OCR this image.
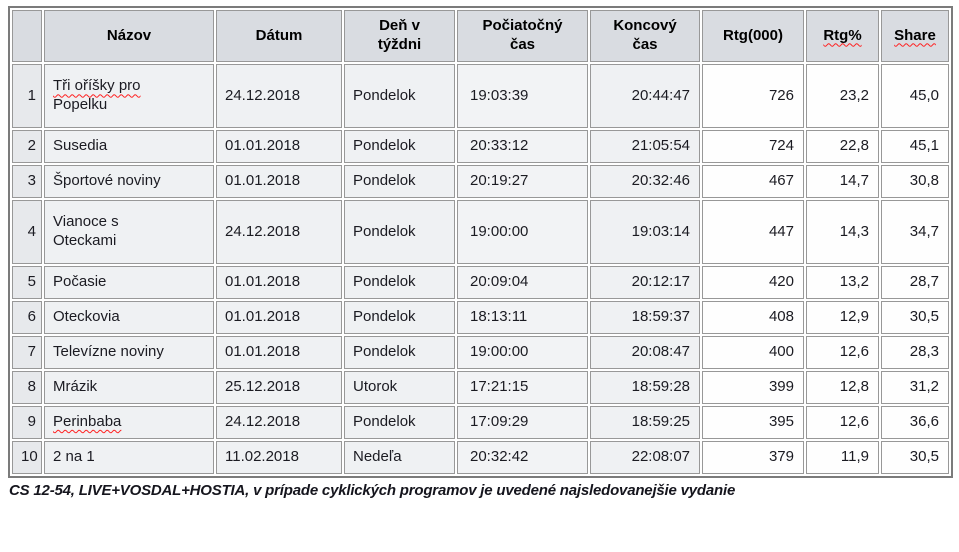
	Názov	Dátum	Deň v
týždni	Počiatočný
čas	Koncový
čas	Rtg(000)	Rtg%	Share
1	Tři oříšky pro
Popelku	24.12.2018	Pondelok	19:03:39	20:44:47	726	23,2	45,0
2	Susedia	01.01.2018	Pondelok	20:33:12	21:05:54	724	22,8	45,1
3	Športové noviny	01.01.2018	Pondelok	20:19:27	20:32:46	467	14,7	30,8
4	Vianoce s
Oteckami	24.12.2018	Pondelok	19:00:00	19:03:14	447	14,3	34,7
5	Počasie	01.01.2018	Pondelok	20:09:04	20:12:17	420	13,2	28,7
6	Oteckovia	01.01.2018	Pondelok	18:13:11	18:59:37	408	12,9	30,5
7	Televízne noviny	01.01.2018	Pondelok	19:00:00	20:08:47	400	12,6	28,3
8	Mrázik	25.12.2018	Utorok	17:21:15	18:59:28	399	12,8	31,2
9	Perinbaba	24.12.2018	Pondelok	17:09:29	18:59:25	395	12,6	36,6
10	2 na 1	11.02.2018	Nedeľa	20:32:42	22:08:07	379	11,9	30,5
CS 12-54, LIVE+VOSDAL+HOSTIA, v prípade cyklických programov je uvedené najsledovanejšie vydanie
